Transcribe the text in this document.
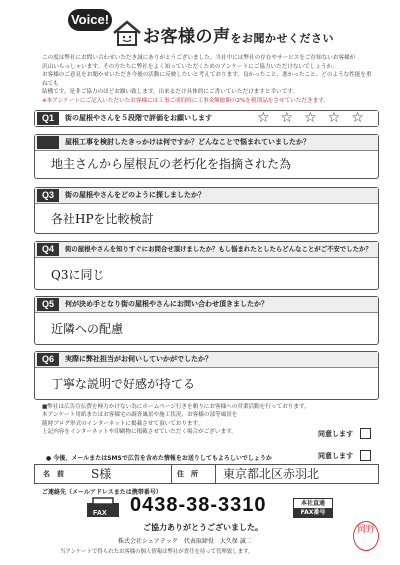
Voice!
お客様の声をお聞かせください
この度は弊社にお問い合わせいただき誠にありがとうございました。当社中には弊社の存在やサービスをご存知ないお客様が
沢山いらっしゃいます。その方たちに弊社をよく知っていただくためのアンケートにご協力いただけないでしょうか。
お客様のご意見をお聞かせいただき今後の活動に反映したいと考えております。良かったこと、悪かったこと、どのような性能を重ねても
結構です。是非ご協力のほどお願い致します。出来るだけ具体的にご書いていただけますと幸いです。
※本アンケートにご記入いただいたお客様には工事ご成約時に工事金額総額の2%を税別品をさせていただきます。
Q1	街の屋根やさんを５段階で評価をお願いします	☆☆☆☆☆
屋根工事を検討したきっかけは何ですか？どんなことで悩まれていましたか？
地主さんから屋根瓦の老朽化を指摘された為
Q3	街の屋根やさんをどのように探しましたか？
各社HPを比較検討
Q4	街の屋根やさんを知りすぐにお問合せ頂けましたか？もし悩まれたとしたらどんなことがご不安でしたか？
Q3に同じ
Q5	何が決め手となり街の屋根やさんにお問い合わせ頂きましたか？
近隣への配慮
Q6	実際に弊社担当がお伺いしていかがでしたか？
丁寧な説明で好感が持てる
■弊社は広告宣伝費を極力かけない為にホームページ行きを頼りにお客様への営業活動を行っております。
本アンケート用紙またはお客様宅の調査風景や施工状況、お客様の部等風景を
随時ブログ形式のインターネットに掲載させて頂いております。
上記内容をインターネットや印刷物に掲載させていただく場合がございます。	同意します
● 今後、メールまたはSMSで広告を含めた情報をお送りしてもよろしいでしょうか	同意します
名　前 S様	住　所 東京都北区赤羽北
ご連絡先（メールアドレスまたは携帯番号）
FAX 0438-38-3310	本社直通
FAX番号
ご協力ありがとうございました。
株式会社シェアテック　代表取締役　大久保 誠二
当アンケートで得られたお客様の個人情報は弊社が責任を持って管理致します。
岡野
